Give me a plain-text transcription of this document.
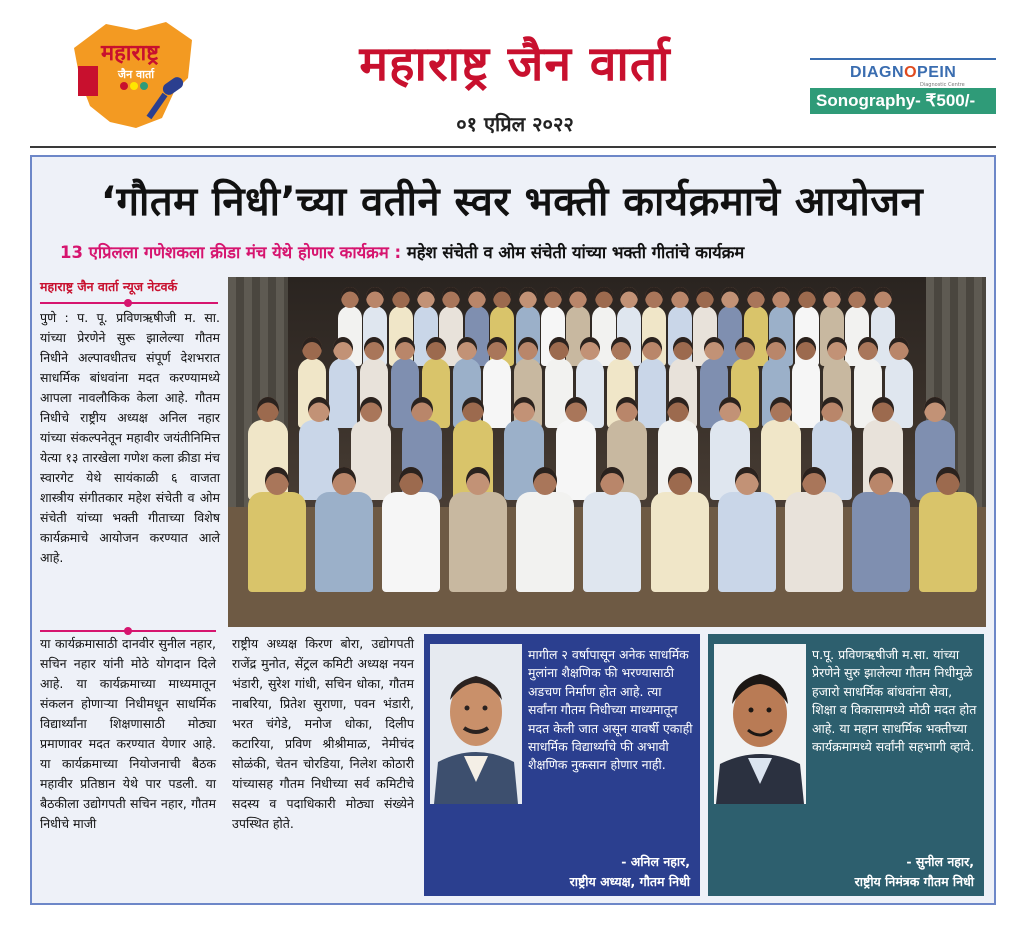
महाराष्ट्र
जैन वार्ता	महाराष्ट्र जैन वार्ता
०१ एप्रिल २०२२
DIAGNOPEIN
Diagnostic Centre
Sonography- ₹500/-
‘गौतम निधी’च्या वतीने स्वर भक्ती कार्यक्रमाचे आयोजन
13 एप्रिलला गणेशकला क्रीडा मंच येथे होणार कार्यक्रम : महेश संचेती व ओम संचेती यांच्या भक्ती गीतांचे कार्यक्रम
महाराष्ट्र जैन वार्ता न्यूज नेटवर्क
पुणे : प. पू. प्रविणऋषीजी म. सा. यांच्या प्रेरणेने सुरू झालेल्या गौतम निधीने अल्पावधीतच संपूर्ण देशभरात साधर्मिक बांधवांना मदत करण्यामध्ये आपला नावलौकिक केला आहे. गौतम निधीचे राष्ट्रीय अध्यक्ष अनिल नहार यांच्या संकल्पनेतून महावीर जयंतीनिमित्त येत्या १३ तारखेला गणेश कला क्रीडा मंच स्वारगेट येथे सायंकाळी ६ वाजता शास्त्रीय संगीतकार महेश संचेती व ओम संचेती यांच्या भक्ती गीताच्या विशेष कार्यक्रमाचे आयोजन करण्यात आले आहे.
या कार्यक्रमासाठी दानवीर सुनील नहार, सचिन नहार यांनी मोठे योगदान दिले आहे. या कार्यक्रमाच्या माध्यमातून संकलन होणाऱ्या निधीमधून साधर्मिक विद्यार्थ्यांना शिक्षणासाठी मोठ्या प्रमाणावर मदत करण्यात येणार आहे. या कार्यक्रमाच्या नियोजनाची बैठक महावीर प्रतिष्ठान येथे पार पडली. या बैठकीला उद्योगपती सचिन नहार, गौतम निधीचे माजी
राष्ट्रीय अध्यक्ष किरण बोरा, उद्योगपती राजेंद्र मुनोत, सेंट्रल कमिटी अध्यक्ष नयन भंडारी, सुरेश गांधी, सचिन धोका, गौतम नाबरिया, प्रितेश सुराणा, पवन भंडारी, भरत चंगेडे, मनोज धोका, दिलीप कटारिया, प्रविण श्रीश्रीमाळ, नेमीचंद सोळंकी, चेतन चोरडिया, निलेश कोठारी यांच्यासह गौतम निधीच्या सर्व कमिटीचे सदस्य व पदाधिकारी मोठ्या संख्येने उपस्थित होते.
मागील २ वर्षापासून अनेक साधर्मिक मुलांना शैक्षणिक फी भरण्यासाठी अडचण निर्माण होत आहे. त्या सर्वांना गौतम निधीच्या माध्यमातून मदत केली जात असून यावर्षी एकाही साधर्मिक विद्यार्थ्याचे फी अभावी शैक्षणिक नुकसान होणार नाही.
- अनिल नहार,
राष्ट्रीय अध्यक्ष, गौतम निधी
प.पू. प्रविणऋषीजी म.सा. यांच्या प्रेरणेने सुरु झालेल्या गौतम निधीमुळे हजारो साधर्मिक बांधवांना सेवा, शिक्षा व विकासामध्ये मोठी मदत होत आहे. या महान साधर्मिक भक्तीच्या कार्यक्रमामध्ये सर्वांनी सहभागी व्हावे.
- सुनील नहार,
राष्ट्रीय निमंत्रक गौतम निधी
